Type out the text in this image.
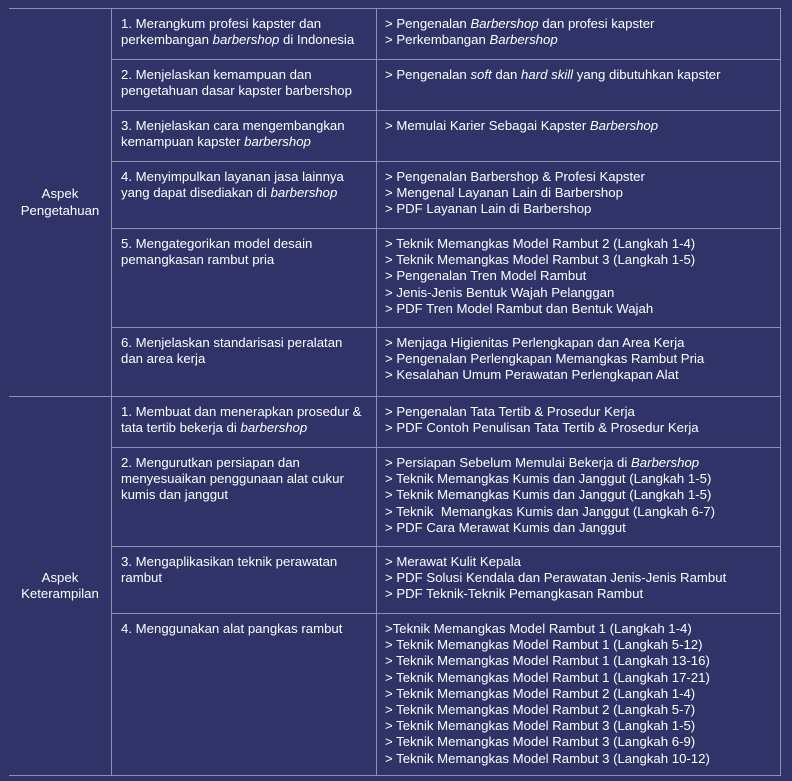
Aspek
Pengetahuan
1. Merangkum profesi kapster dan
perkembangan barbershop di Indonesia
> Pengenalan Barbershop dan profesi kapster
> Perkembangan Barbershop
2. Menjelaskan kemampuan dan
pengetahuan dasar kapster barbershop
> Pengenalan soft dan hard skill yang dibutuhkan kapster
3. Menjelaskan cara mengembangkan
kemampuan kapster barbershop
> Memulai Karier Sebagai Kapster Barbershop
4. Menyimpulkan layanan jasa lainnya
yang dapat disediakan di barbershop
> Pengenalan Barbershop & Profesi Kapster
> Mengenal Layanan Lain di Barbershop
> PDF Layanan Lain di Barbershop
5. Mengategorikan model desain
pemangkasan rambut pria
> Teknik Memangkas Model Rambut 2 (Langkah 1-4)
> Teknik Memangkas Model Rambut 3 (Langkah 1-5)
> Pengenalan Tren Model Rambut
> Jenis-Jenis Bentuk Wajah Pelanggan
> PDF Tren Model Rambut dan Bentuk Wajah
6. Menjelaskan standarisasi peralatan
dan area kerja
> Menjaga Higienitas Perlengkapan dan Area Kerja
> Pengenalan Perlengkapan Memangkas Rambut Pria
> Kesalahan Umum Perawatan Perlengkapan Alat
Aspek
Keterampilan
1. Membuat dan menerapkan prosedur &
tata tertib bekerja di barbershop
> Pengenalan Tata Tertib & Prosedur Kerja
> PDF Contoh Penulisan Tata Tertib & Prosedur Kerja
2. Mengurutkan persiapan dan
menyesuaikan penggunaan alat cukur
kumis dan janggut
> Persiapan Sebelum Memulai Bekerja di Barbershop
> Teknik Memangkas Kumis dan Janggut (Langkah 1-5)
> Teknik Memangkas Kumis dan Janggut (Langkah 1-5)
> Teknik  Memangkas Kumis dan Janggut (Langkah 6-7)
> PDF Cara Merawat Kumis dan Janggut
3. Mengaplikasikan teknik perawatan
rambut
> Merawat Kulit Kepala
> PDF Solusi Kendala dan Perawatan Jenis-Jenis Rambut
> PDF Teknik-Teknik Pemangkasan Rambut
4. Menggunakan alat pangkas rambut	>Teknik Memangkas Model Rambut 1 (Langkah 1-4)
> Teknik Memangkas Model Rambut 1 (Langkah 5-12)
> Teknik Memangkas Model Rambut 1 (Langkah 13-16)
> Teknik Memangkas Model Rambut 1 (Langkah 17-21)
> Teknik Memangkas Model Rambut 2 (Langkah 1-4)
> Teknik Memangkas Model Rambut 2 (Langkah 5-7)
> Teknik Memangkas Model Rambut 3 (Langkah 1-5)
> Teknik Memangkas Model Rambut 3 (Langkah 6-9)
> Teknik Memangkas Model Rambut 3 (Langkah 10-12)
